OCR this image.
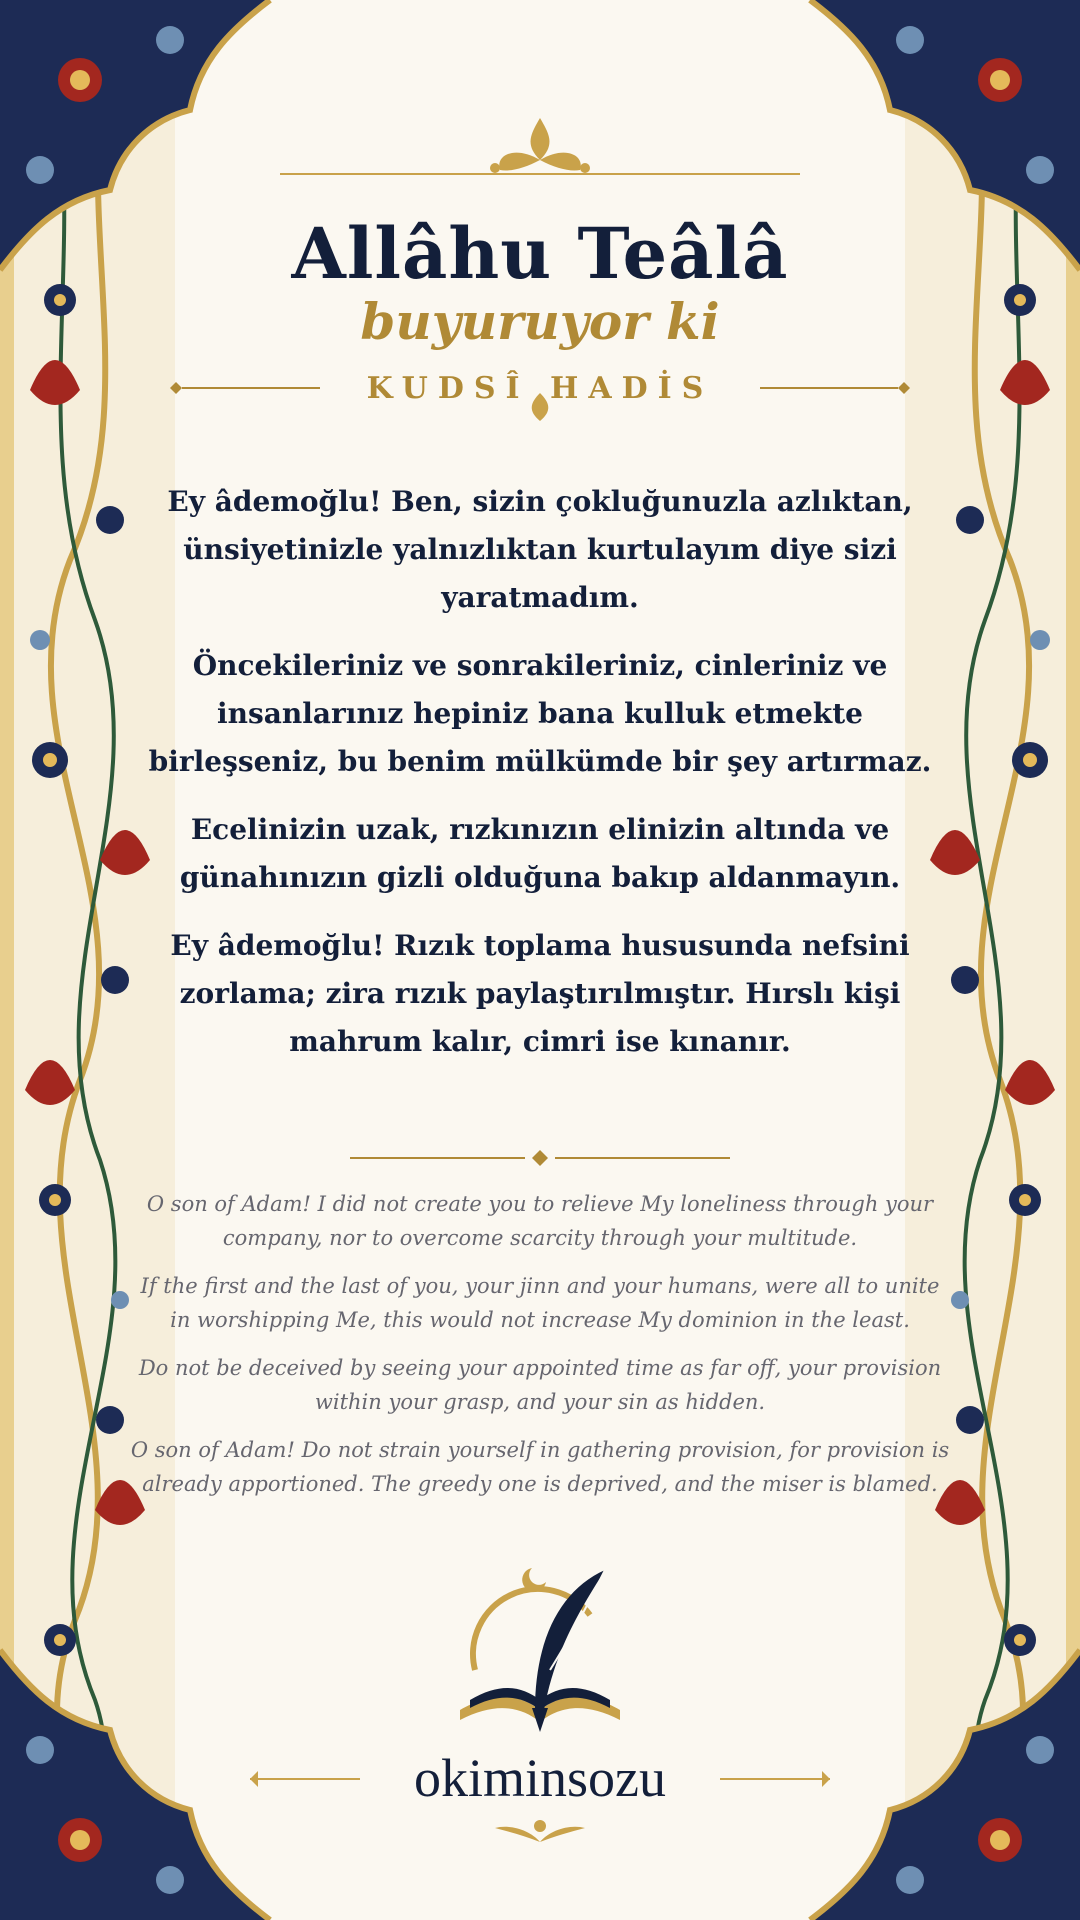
Allâhu Teâlâ
buyuruyor ki
KUDSÎ HADİS

Ey âdemoğlu! Ben, sizin çokluğunuzla azlıktan, ünsiyetinizle yalnızlıktan kurtulayım diye sizi yaratmadım.

Öncekileriniz ve sonrakileriniz, cinleriniz ve insanlarınız hepiniz bana kulluk etmekte birleşseniz, bu benim mülkümde bir şey artırmaz.

Ecelinizin uzak, rızkınızın elinizin altında ve günahınızın gizli olduğuna bakıp aldanmayın.

Ey âdemoğlu! Rızık toplama hususunda nefsini zorlama; zira rızık paylaştırılmıştır. Hırslı kişi mahrum kalır, cimri ise kınanır.

O son of Adam! I did not create you to relieve My loneliness through your company, nor to overcome scarcity through your multitude.

If the first and the last of you, your jinn and your humans, were all to unite in worshipping Me, this would not increase My dominion in the least.

Do not be deceived by seeing your appointed time as far off, your provision within your grasp, and your sin as hidden.

O son of Adam! Do not strain yourself in gathering provision, for provision is already apportioned. The greedy one is deprived, and the miser is blamed.

okiminsozu
